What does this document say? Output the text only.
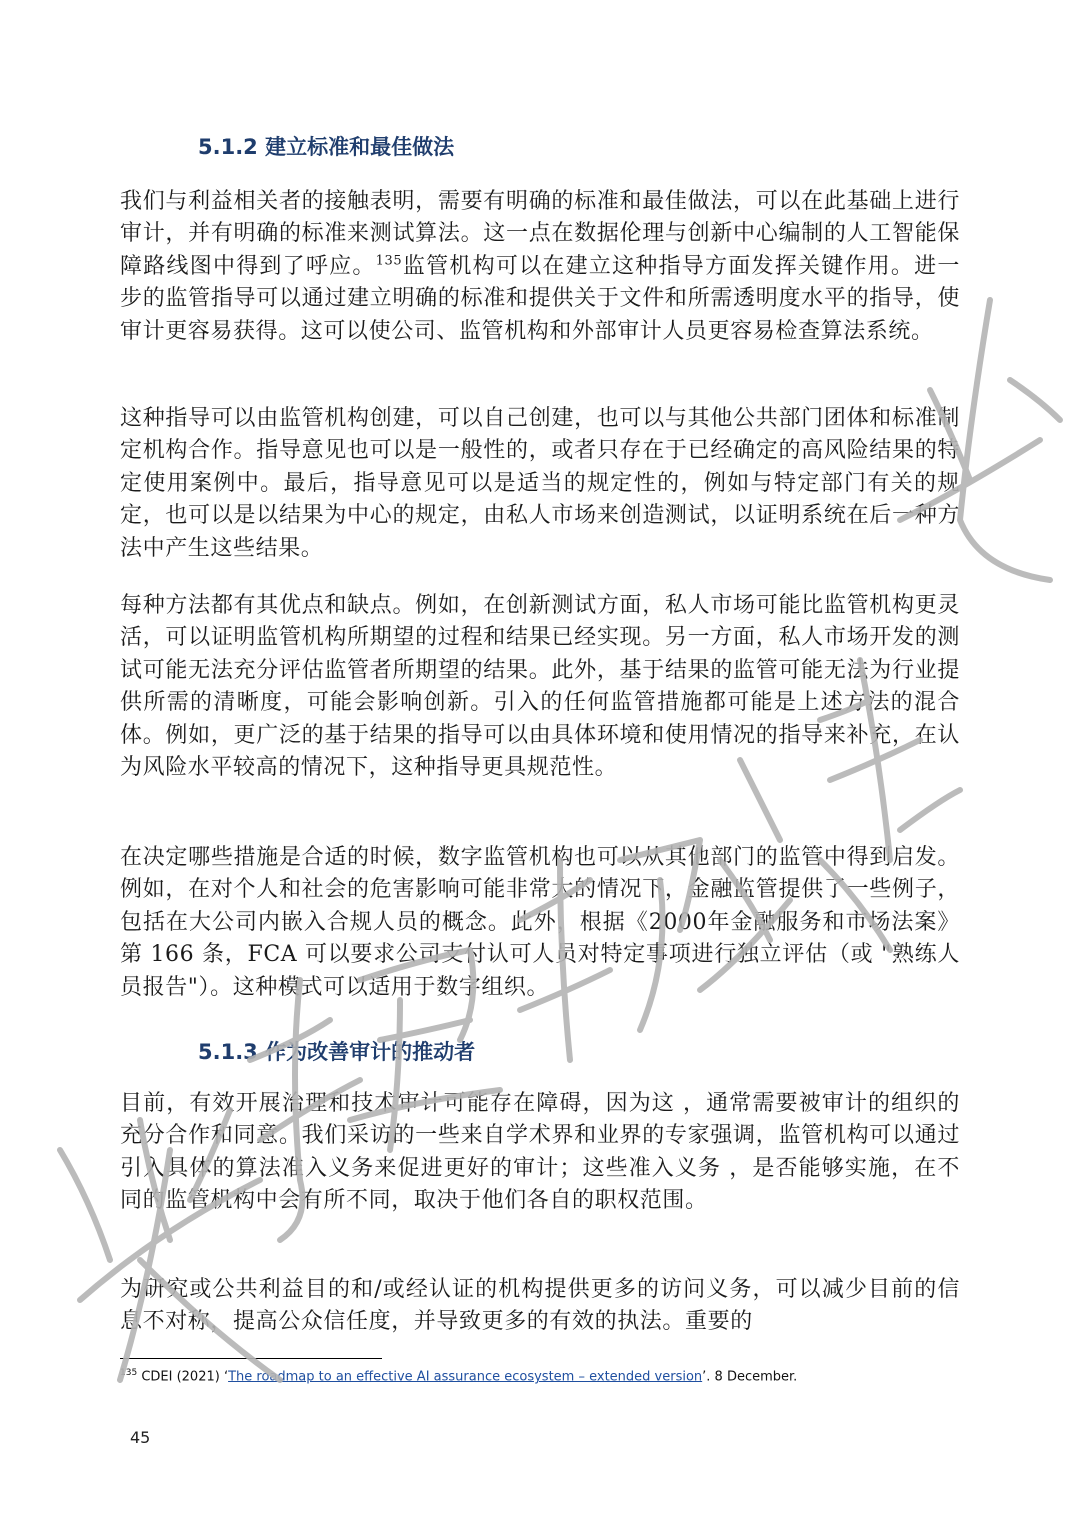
5.1.2 建立标准和最佳做法

我们与利益相关者的接触表明，需要有明确的标准和最佳做法，可以在此基础上进行审计，并有明确的标准来测试算法。这一点在数据伦理与创新中心编制的人工智能保障路线图中得到了呼应。$^{135}$监管机构可以在建立这种指导方面发挥关键作用。进一步的监管指导可以通过建立明确的标准和提供关于文件和所需透明度水平的指导，使审计更容易获得。这可以使公司、监管机构和外部审计人员更容易检查算法系统。

这种指导可以由监管机构创建，可以自己创建，也可以与其他公共部门团体和标准制定机构合作。指导意见也可以是一般性的，或者只存在于已经确定的高风险结果的特定使用案例中。最后，指导意见可以是适当的规定性的，例如与特定部门有关的规定，也可以是以结果为中心的规定，由私人市场来创造测试，以证明系统在后一种方法中产生这些结果。

每种方法都有其优点和缺点。例如，在创新测试方面，私人市场可能比监管机构更灵活，可以证明监管机构所期望的过程和结果已经实现。另一方面，私人市场开发的测试可能无法充分评估监管者所期望的结果。此外，基于结果的监管可能无法为行业提供所需的清晰度，可能会影响创新。引入的任何监管措施都可能是上述方法的混合体。例如，更广泛的基于结果的指导可以由具体环境和使用情况的指导来补充，在认为风险水平较高的情况下，这种指导更具规范性。

在决定哪些措施是合适的时候，数字监管机构也可以从其他部门的监管中得到启发。例如，在对个人和社会的危害影响可能非常大的情况下，金融监管提供了一些例子，包括在大公司内嵌入合规人员的概念。此外，根据《2000年金融服务和市场法案》第 166 条，FCA 可以要求公司支付认可人员对特定事项进行独立评估（或 "熟练人员报告"）。这种模式可以适用于数字组织。

5.1.3 作为改善审计的推动者

目前，有效开展治理和技术审计可能存在障碍，因为这 ，通常需要被审计的组织的充分合作和同意。我们采访的一些来自学术界和业界的专家强调，监管机构可以通过引入具体的算法准入义务来促进更好的审计；这些准入义务 ，是否能够实施，在不同的监管机构中会有所不同，取决于他们各自的职权范围。

为研究或公共利益目的和/或经认证的机构提供更多的访问义务，可以减少目前的信息不对称，提高公众信任度，并导致更多的有效的执法。重要的

$^{135}$ CDEI (2021) ‘The roadmap to an effective AI assurance ecosystem – extended version’. 8 December.
45
